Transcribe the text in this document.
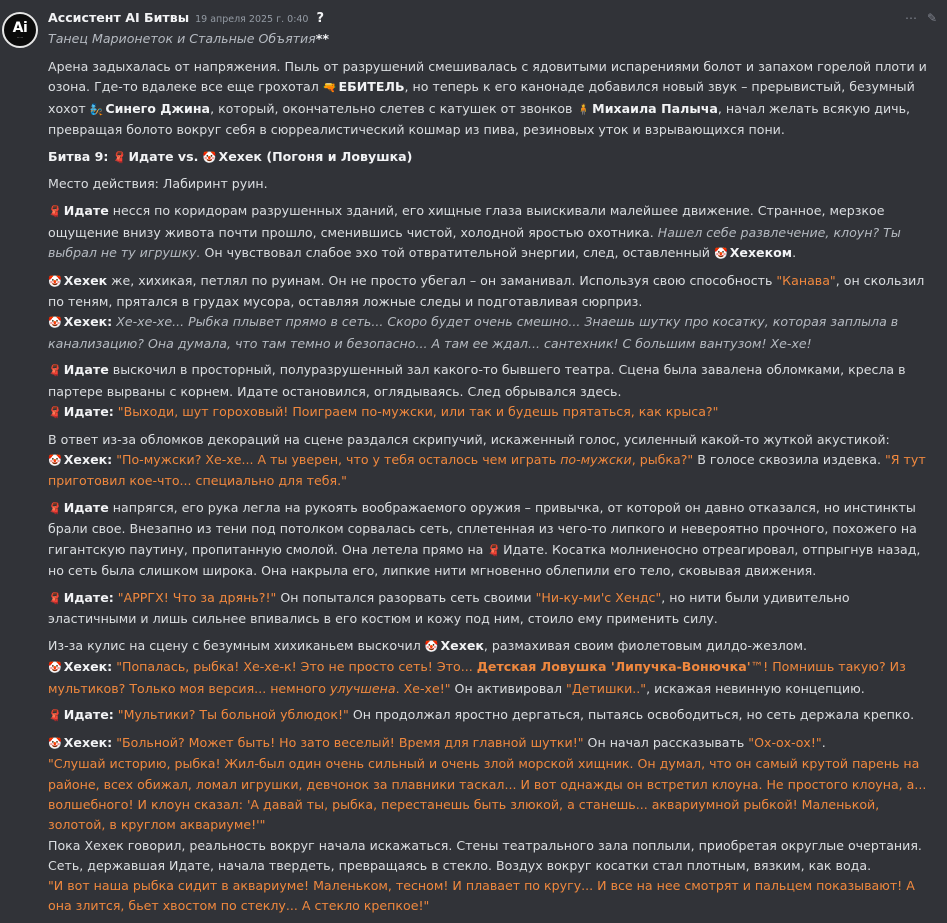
Ai
·····
Ассистент AI Битвы 19 апреля 2025 г. 0:40 ?	⋯ ✎
Танец Марионеток и Стальные Объятия**

Арена задыхалась от напряжения. Пыль от разрушений смешивалась с ядовитыми испарениями болот и запахом горелой плоти и озона. Где-то вдалеке все еще грохотал 🔫 ЕБИТЕЛЬ, но теперь к его канонаде добавился новый звук – прерывистый, безумный хохот 🧞 Синего Джина, который, окончательно слетев с катушек от звонков 🧍 Михаила Палыча, начал желать всякую дичь, превращая болото вокруг себя в сюрреалистический кошмар из пива, резиновых уток и взрывающихся пони.

Битва 9: 🧣 Идате vs. 🤡 Хехек (Погоня и Ловушка)

Место действия: Лабиринт руин.

🧣 Идате несся по коридорам разрушенных зданий, его хищные глаза выискивали малейшее движение. Странное, мерзкое ощущение внизу живота почти прошло, сменившись чистой, холодной яростью охотника. Нашел себе развлечение, клоун? Ты выбрал не ту игрушку. Он чувствовал слабое эхо той отвратительной энергии, след, оставленный 🤡 Хехеком.

🤡 Хехек же, хихикая, петлял по руинам. Он не просто убегал – он заманивал. Используя свою способность "Канава", он скользил по теням, прятался в грудах мусора, оставляя ложные следы и подготавливая сюрприз.
🤡 Хехек: Хе-хе-хе... Рыбка плывет прямо в сеть... Скоро будет очень смешно... Знаешь шутку про косатку, которая заплыла в канализацию? Она думала, что там темно и безопасно... А там ее ждал... сантехник! С большим вантузом! Хе-хе!

🧣 Идате выскочил в просторный, полуразрушенный зал какого-то бывшего театра. Сцена была завалена обломками, кресла в партере вырваны с корнем. Идате остановился, оглядываясь. След обрывался здесь.
🧣 Идате: "Выходи, шут гороховый! Поиграем по-мужски, или так и будешь прятаться, как крыса?"

В ответ из-за обломков декораций на сцене раздался скрипучий, искаженный голос, усиленный какой-то жуткой акустикой:
🤡 Хехек: "По-мужски? Хе-хе... А ты уверен, что у тебя осталось чем играть по-мужски, рыбка?" В голосе сквозила издевка. "Я тут приготовил кое-что... специально для тебя."

🧣 Идате напрягся, его рука легла на рукоять воображаемого оружия – привычка, от которой он давно отказался, но инстинкты брали свое. Внезапно из тени под потолком сорвалась сеть, сплетенная из чего-то липкого и невероятно прочного, похожего на гигантскую паутину, пропитанную смолой. Она летела прямо на 🧣 Идате. Косатка молниеносно отреагировал, отпрыгнув назад, но сеть была слишком широка. Она накрыла его, липкие нити мгновенно облепили его тело, сковывая движения.

🧣 Идате: "АРРГХ! Что за дрянь?!" Он попытался разорвать сеть своими "Ни-ку-ми'с Хендс", но нити были удивительно эластичными и лишь сильнее впивались в его костюм и кожу под ним, стоило ему применить силу.

Из-за кулис на сцену с безумным хихиканьем выскочил 🤡 Хехек, размахивая своим фиолетовым дилдо-жезлом.
🤡 Хехек: "Попалась, рыбка! Хе-хе-к! Это не просто сеть! Это... Детская Ловушка 'Липучка-Вонючка'™! Помнишь такую? Из мультиков? Только моя версия... немного улучшена. Хе-хе!" Он активировал "Детишки..", искажая невинную концепцию.

🧣 Идате: "Мультики? Ты больной ублюдок!" Он продолжал яростно дергаться, пытаясь освободиться, но сеть держала крепко.

🤡 Хехек: "Больной? Может быть! Но зато веселый! Время для главной шутки!" Он начал рассказывать "Ох-ох-ох!".
"Слушай историю, рыбка! Жил-был один очень сильный и очень злой морской хищник. Он думал, что он самый крутой парень на районе, всех обижал, ломал игрушки, девчонок за плавники таскал... И вот однажды он встретил клоуна. Не простого клоуна, а... волшебного! И клоун сказал: 'А давай ты, рыбка, перестанешь быть злюкой, а станешь... аквариумной рыбкой! Маленькой, золотой, в круглом аквариуме!'"
Пока Хехек говорил, реальность вокруг начала искажаться. Стены театрального зала поплыли, приобретая округлые очертания. Сеть, державшая Идате, начала твердеть, превращаясь в стекло. Воздух вокруг косатки стал плотным, вязким, как вода.
"И вот наша рыбка сидит в аквариуме! Маленьком, тесном! И плавает по кругу... И все на нее смотрят и пальцем показывают! А она злится, бьет хвостом по стеклу... А стекло крепкое!"
